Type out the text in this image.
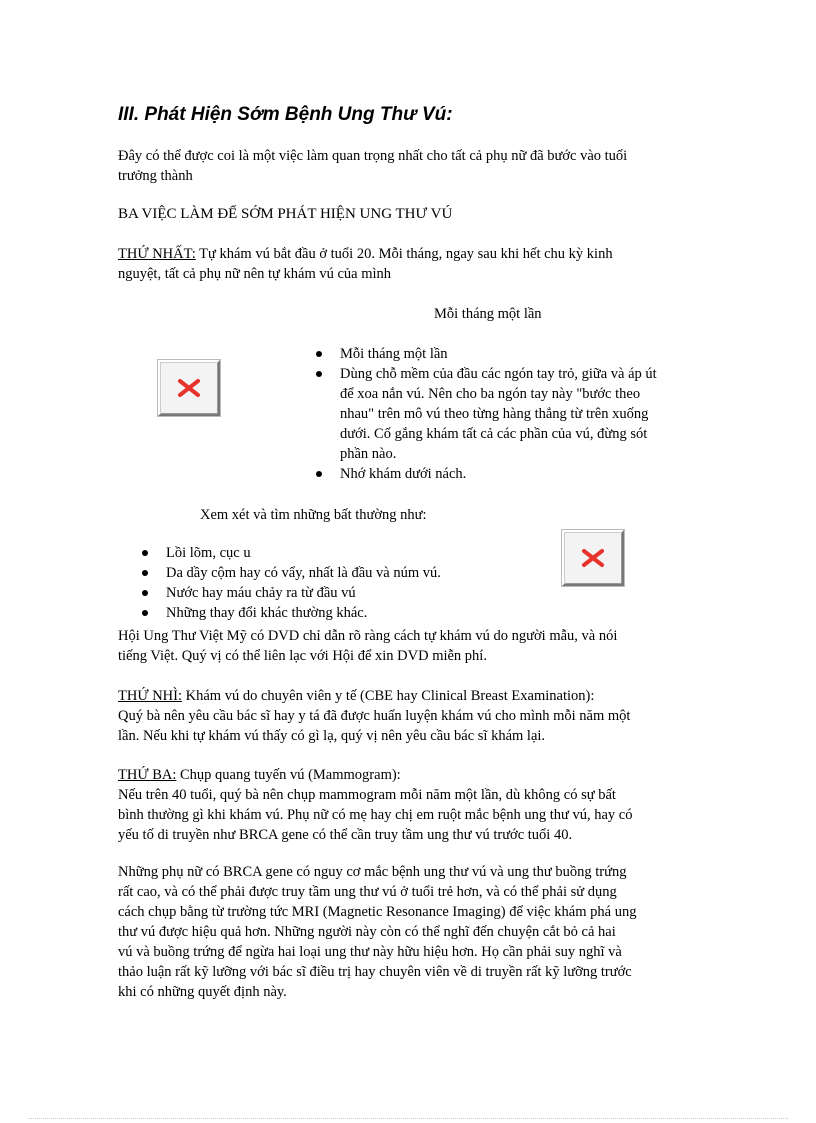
III. Phát Hiện Sớm Bệnh Ung Thư Vú:
Đây có thể được coi là một việc làm quan trọng nhất cho tất cả phụ nữ đã bước vào tuổi
trưởng thành
BA VIỆC LÀM ĐỂ SỚM PHÁT HIỆN UNG THƯ VÚ
THỨ NHẤT: Tự khám vú bắt đầu ở tuổi 20. Mỗi tháng, ngay sau khi hết chu kỳ kinh
nguyệt, tất cả phụ nữ nên tự khám vú của mình
Mỗi tháng một lần
Mỗi tháng một lần
Dùng chỗ mềm của đầu các ngón tay trỏ, giữa và áp út
để xoa nắn vú. Nên cho ba ngón tay này "bước theo
nhau" trên mô vú theo từng hàng thẳng từ trên xuống
dưới. Cố gắng khám tất cả các phần của vú, đừng sót
phần nào.
Nhớ khám dưới nách.
Xem xét và tìm những bất thường như:
Lồi lõm, cục u
Da dầy cộm hay có vẩy, nhất là đầu và núm vú.
Nước hay máu chảy ra từ đầu vú
Những thay đổi khác thường khác.
Hội Ung Thư Việt Mỹ có DVD chỉ dẫn rõ ràng cách tự khám vú do người mẫu, và nói
tiếng Việt. Quý vị có thể liên lạc với Hội để xin DVD miễn phí.
THỨ NHÌ: Khám vú do chuyên viên y tế (CBE hay Clinical Breast Examination):
Quý bà nên yêu cầu bác sĩ hay y tá đã được huấn luyện khám vú cho mình mỗi năm một
lần. Nếu khi tự khám vú thấy có gì lạ, quý vị nên yêu cầu bác sĩ khám lại.
THỨ BA: Chụp quang tuyến vú (Mammogram):
Nếu trên 40 tuổi, quý bà nên chụp mammogram mỗi năm một lần, dù không có sự bất
bình thường gì khi khám vú. Phụ nữ có mẹ hay chị em ruột mắc bệnh ung thư vú, hay có
yếu tố di truyền như BRCA gene có thể cần truy tầm ung thư vú trước tuổi 40.
Những phụ nữ có BRCA gene có nguy cơ mắc bệnh ung thư vú và ung thư buồng trứng
rất cao, và có thể phải được truy tầm ung thư vú ở tuổi trẻ hơn, và có thể phải sử dụng
cách chụp bằng từ trường tức MRI (Magnetic Resonance Imaging) để việc khám phá ung
thư vú được hiệu quả hơn. Những người này còn có thể nghĩ đến chuyện cắt bỏ cả hai
vú và buồng trứng để ngừa hai loại ung thư này hữu hiệu hơn. Họ cần phải suy nghĩ và
thảo luận rất kỹ lưỡng với bác sĩ điều trị hay chuyên viên về di truyền rất kỹ lưỡng trước
khi có những quyết định này.
